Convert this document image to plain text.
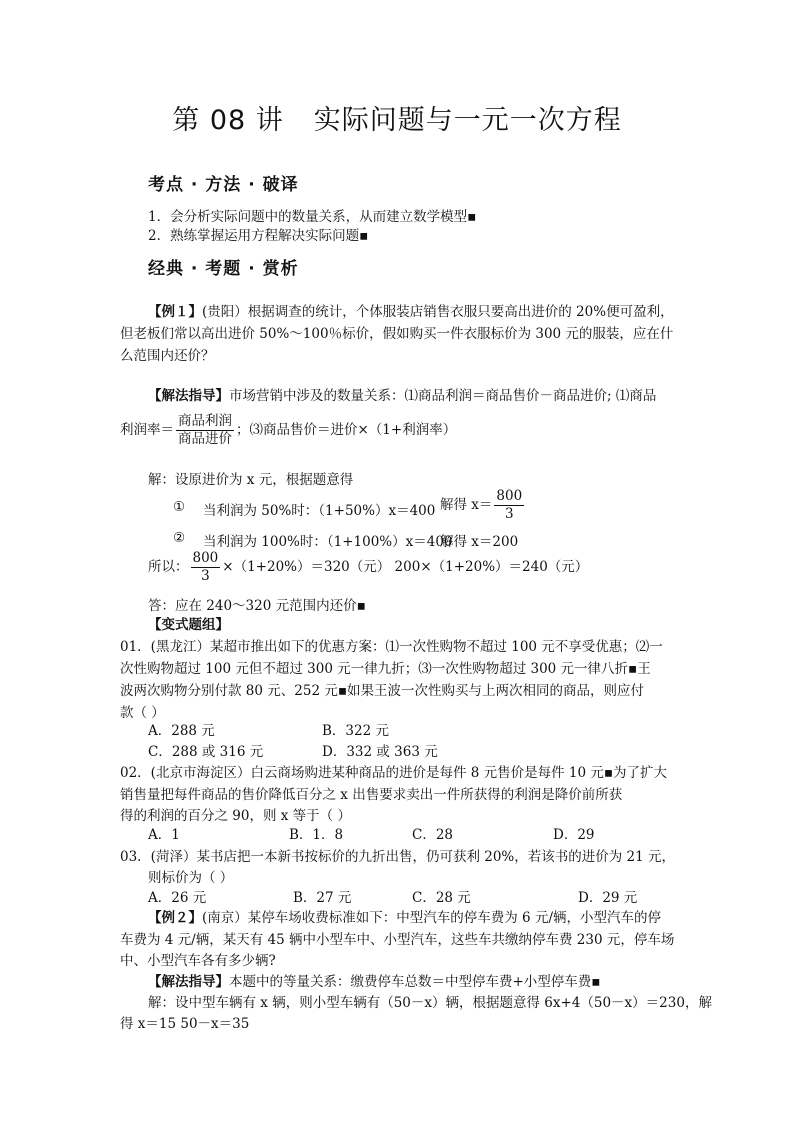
第 08 讲 实际问题与一元一次方程
考点 · 方法 · 破译
1．会分析实际问题中的数量关系，从而建立数学模型▪
2．熟练掌握运用方程解决实际问题▪
经典 · 考题 · 赏析
【例１】(贵阳）根据调查的统计，个体服装店销售衣服只要高出进价的 20%便可盈利，
但老板们常以高出进价 50%～100％标价，假如购买一件衣服标价为 300 元的服装，应在什
么范围内还价？
【解法指导】市场营销中涉及的数量关系：⑴商品利润＝商品售价－商品进价; ⑴商品
利润率＝ $\frac{\text{商品利润}}{\text{商品进价}}$ ；⑶商品售价＝进价×（1+利润率）
解：设原进价为 x 元，根据题意得
① 当利润为 50%时：（1+50%）x＝400 解得 $x= \frac{800}{3}$
② 当利润为 100%时：（1+100%）x＝400
解得 x＝200
所以： $\frac{800}{3} \times(1+20\%)=320$（元） 200×（1+20%）＝240（元）
答：应在 240～320 元范围内还价▪
【变式题组】
01．(黑龙江）某超市推出如下的优惠方案：⑴一次性购物不超过 100 元不享受优惠；⑵一
次性购物超过 100 元但不超过 300 元一律九折；⑶一次性购物超过 300 元一律八折▪王
波两次购物分别付款 80 元、252 元▪如果王波一次性购买与上两次相同的商品，则应付
款（ ）
A．288 元	B．322 元
C．288 或 316 元	D．332 或 363 元
02．(北京市海淀区）白云商场购进某种商品的进价是每件 8 元售价是每件 10 元▪为了扩大
销售量把每件商品的售价降低百分之 x 出售要求卖出一件所获得的利润是降价前所获
得的利润的百分之 90，则 x 等于（ ）
A．1	B．1．8	C．28	D．29
03．(菏泽）某书店把一本新书按标价的九折出售，仍可获利 20%，若该书的进价为 21 元，
则标价为（ ）
A．26 元	B．27 元	C．28 元	D．29 元
【例２】(南京）某停车场收费标准如下：中型汽车的停车费为 6 元/辆，小型汽车的停
车费为 4 元/辆，某天有 45 辆中小型车中、小型汽车，这些车共缴纳停车费 230 元，停车场
中、小型汽车各有多少辆?
【解法指导】本题中的等量关系：缴费停车总数＝中型停车费+小型停车费▪
解：设中型车辆有 x 辆，则小型车辆有（50－x）辆，根据题意得 6x+4（50－x）＝230，解
得 x＝15 50－x＝35
